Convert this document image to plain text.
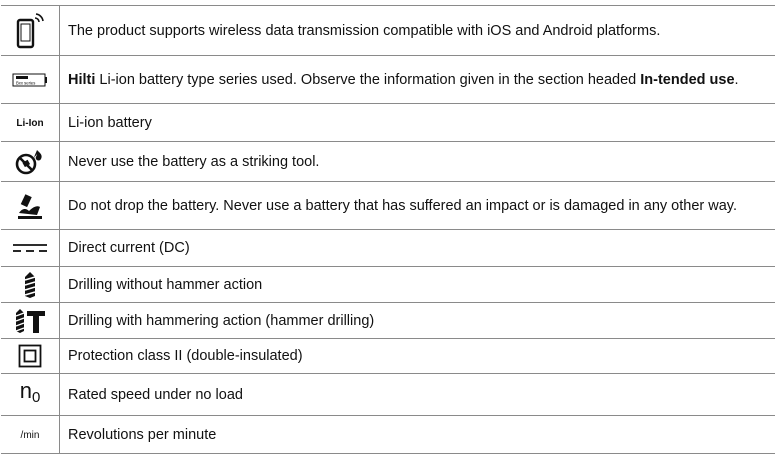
	The product supports wireless data transmission compatible with iOS and Android platforms.

Bxx series	Hilti Li-ion battery type series used. Observe the information given in the section headed In-tended use.
Li-Ion	Li-ion battery

	Never use the battery as a striking tool.

	Do not drop the battery. Never use a battery that has suffered an impact or is damaged in any other way.

	Direct current (DC)

	Drilling without hammer action

	Drilling with hammering action (hammer drilling)

	Protection class II (double-insulated)
$n_0$	Rated speed under no load
/min	Revolutions per minute
